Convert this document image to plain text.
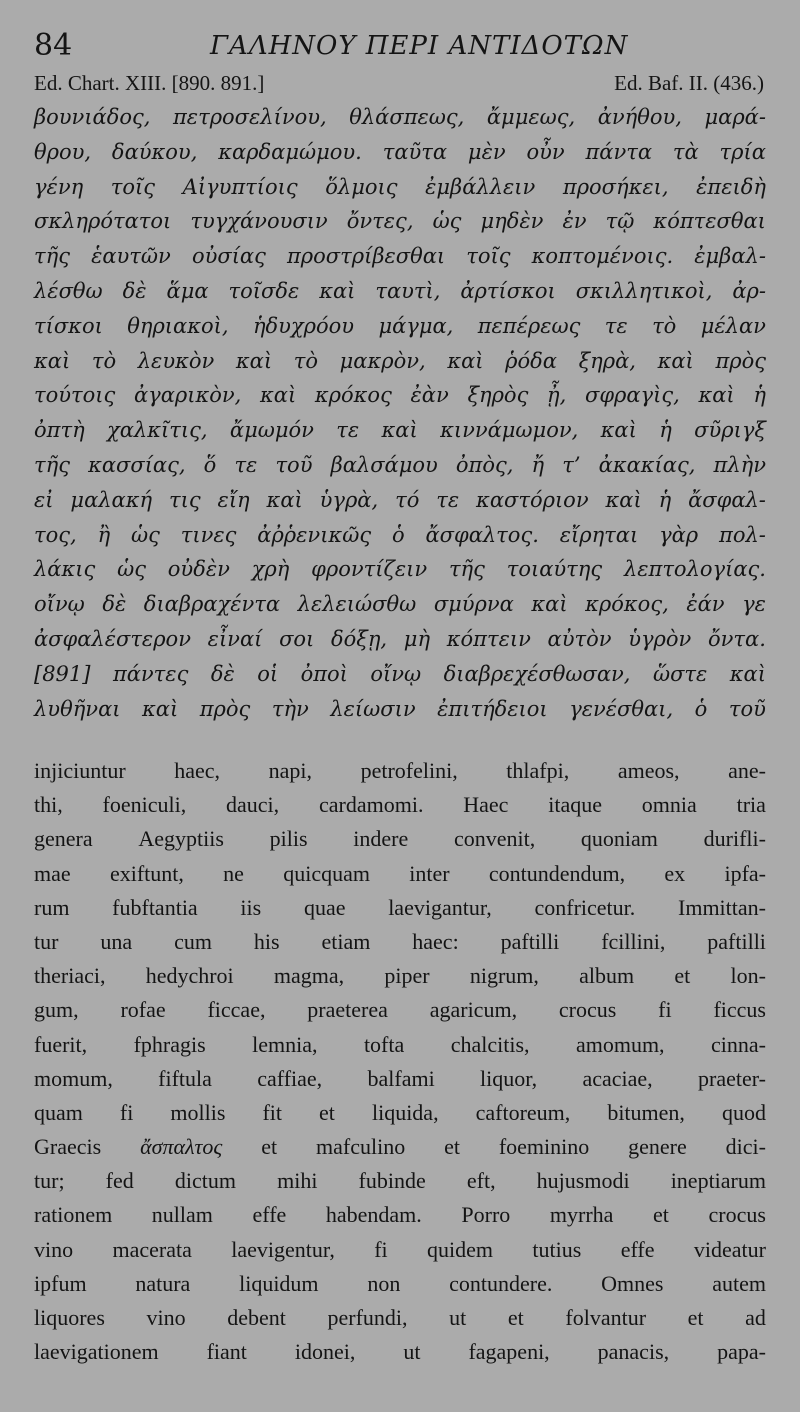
84	ΓΑΛΗΝΟΥ ΠΕΡΙ ΑΝΤΙΔΟΤΩΝ
Ed. Chart. XIII. [890. 891.]	Ed. Baf. II. (436.)
βουνιάδος, πετροσελίνου, θλάσπεως, ἄμμεως, ἀνήθου, μαρά-
θρου, δαύκου, καρδαμώμου. ταῦτα μὲν οὖν πάντα τὰ τρία
γένη τοῖς Αἰγυπτίοις ὅλμοις ἐμβάλλειν προσήκει, ἐπειδὴ
σκληρότατοι τυγχάνουσιν ὄντες, ὡς μηδὲν ἐν τῷ κόπτεσθαι
τῆς ἑαυτῶν οὐσίας προστρίβεσθαι τοῖς κοπτομένοις. ἐμβαλ-
λέσθω δὲ ἅμα τοῖσδε καὶ ταυτὶ, ἀρτίσκοι σκιλλητικοὶ, ἀρ-
τίσκοι θηριακοὶ, ἡδυχρόου μάγμα, πεπέρεως τε τὸ μέλαν
καὶ τὸ λευκὸν καὶ τὸ μακρὸν, καὶ ῥόδα ξηρὰ, καὶ πρὸς
τούτοις ἀγαρικὸν, καὶ κρόκος ἐὰν ξηρὸς ᾖ, σφραγὶς, καὶ ἡ
ὀπτὴ χαλκῖτις, ἄμωμόν τε καὶ κιννάμωμον, καὶ ἡ σῦριγξ
τῆς κασσίας, ὅ τε τοῦ βαλσάμου ὀπὸς, ἤ τ’ ἀκακίας, πλὴν
εἰ μαλακή τις εἴη καὶ ὑγρὰ, τό τε καστόριον καὶ ἡ ἄσφαλ-
τος, ἢ ὡς τινες ἀῤῥενικῶς ὁ ἄσφαλτος. εἴρηται γὰρ πολ-
λάκις ὡς οὐδὲν χρὴ φροντίζειν τῆς τοιαύτης λεπτολογίας.
οἴνῳ δὲ διαβραχέντα λελειώσθω σμύρνα καὶ κρόκος, ἐάν γε
ἀσφαλέστερον εἶναί σοι δόξῃ, μὴ κόπτειν αὐτὸν ὑγρὸν ὄντα.
[891] πάντες δὲ οἱ ὀποὶ οἴνῳ διαβρεχέσθωσαν, ὥστε καὶ
λυθῆναι καὶ πρὸς τὴν λείωσιν ἐπιτήδειοι γενέσθαι, ὁ τοῦ
injiciuntur haec, napi, petrofelini, thlafpi, ameos, ane-
thi, foeniculi, dauci, cardamomi. Haec itaque omnia tria
genera Aegyptiis pilis indere convenit, quoniam durifli-
mae exiftunt, ne quicquam inter contundendum, ex ipfa-
rum fubftantia iis quae laevigantur, confricetur. Immittan-
tur una cum his etiam haec: paftilli fcillini, paftilli
theriaci, hedychroi magma, piper nigrum, album et lon-
gum, rofae ficcae, praeterea agaricum, crocus fi ficcus
fuerit, fphragis lemnia, tofta chalcitis, amomum, cinna-
momum, fiftula caffiae, balfami liquor, acaciae, praeter-
quam fi mollis fit et liquida, caftoreum, bitumen, quod
Graecis ἄσπαλτος et mafculino et foeminino genere dici-
tur; fed dictum mihi fubinde eft, hujusmodi ineptiarum
rationem nullam effe habendam. Porro myrrha et crocus
vino macerata laevigentur, fi quidem tutius effe videatur
ipfum natura liquidum non contundere. Omnes autem
liquores vino debent perfundi, ut et folvantur et ad
laevigationem fiant idonei, ut fagapeni, panacis, papa-
